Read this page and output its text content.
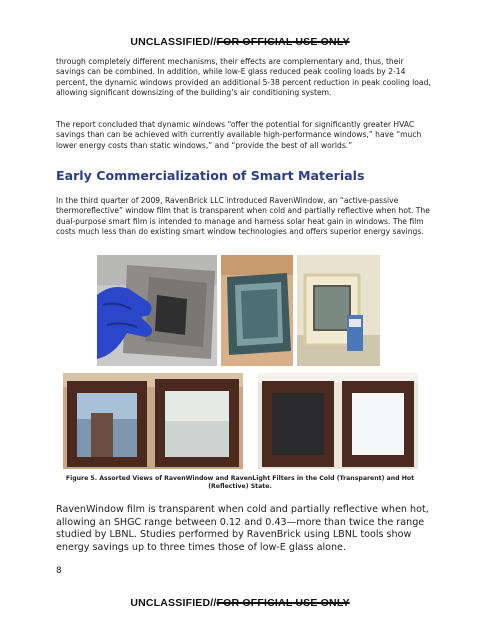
UNCLASSIFIED//FOR OFFICIAL USE ONLY

through completely different mechanisms, their effects are complementary and, thus, their savings can be combined. In addition, while low-E glass reduced peak cooling loads by 2-14 percent, the dynamic windows provided an additional 5-38 percent reduction in peak cooling load, allowing significant downsizing of the building’s air conditioning system.

The report concluded that dynamic windows “offer the potential for significantly greater HVAC savings than can be achieved with currently available high-performance windows,” have “much lower energy costs than static windows,” and “provide the best of all worlds.”

Early Commercialization of Smart Materials

In the third quarter of 2009, RavenBrick LLC introduced RavenWindow, an “active-passive thermoreflective” window film that is transparent when cold and partially reflective when hot. The dual-purpose smart film is intended to manage and harness solar heat gain in windows. The film costs much less than do existing smart window technologies and offers superior energy savings.

Figure 5. Assorted Views of RavenWindow and RavenLight Filters in the Cold (Transparent) and Hot (Reflective) State.

RavenWindow film is transparent when cold and partially reflective when hot, allowing an SHGC range between 0.12 and 0.43—more than twice the range studied by LBNL. Studies performed by RavenBrick using LBNL tools show energy savings up to three times those of low-E glass alone.

8
UNCLASSIFIED//FOR OFFICIAL USE ONLY
